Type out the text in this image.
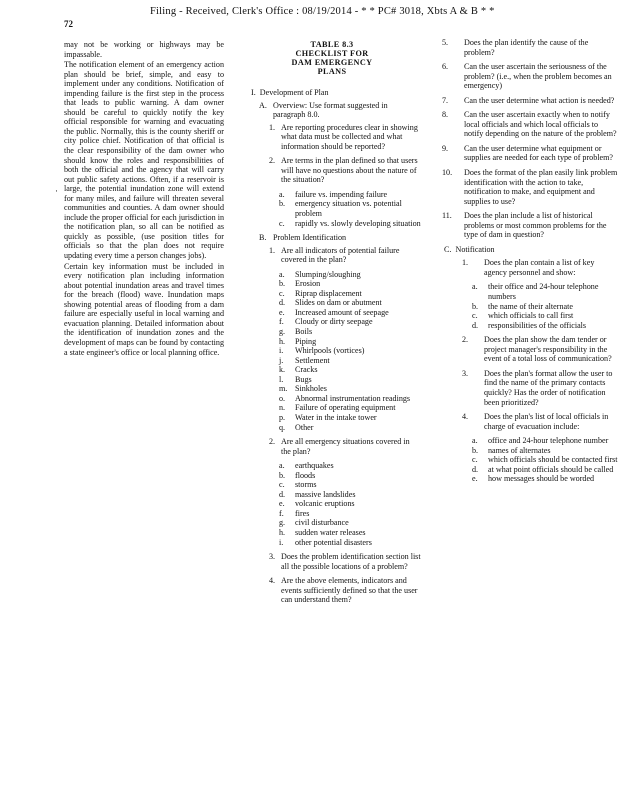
Filing - Received, Clerk's Office : 08/19/2014 - * * PC# 3018, Xbts A & B * *
72
·

may not be working or highways may be impassable.

The notification element of an emergency action plan should be brief, simple, and easy to implement under any conditions. Notification of impending failure is the first step in the process that leads to public warning. A dam owner should be careful to quickly notify the key official responsible for warning and evacuating the public. Normally, this is the county sheriff or city police chief. Notification of that official is the clear responsibility of the dam owner who should know the roles and responsibilities of both the official and the agency that will carry out public safety actions. Often, if a reservoir is large, the potential inundation zone will extend for many miles, and failure will threaten several communities and counties. A dam owner should include the proper official for each jurisdiction in the notification plan, so all can be notified as quickly as possible, (use position titles for officials so that the plan does not require updating every time a person changes jobs).

Certain key information must be included in every notification plan including information about potential inundation areas and travel times for the breach (flood) wave. Inundation maps showing potential areas of flooding from a dam failure are especially useful in local warning and evacuation planning. Detailed information about the identification of inundation zones and the development of maps can be found by contacting a state engineer's office or local planning office.

TABLE 8.3
CHECKLIST FOR
DAM EMERGENCY
PLANS
I. Development of Plan
A. Overview: Use format suggested in paragraph 8.0.
1. Are reporting procedures clear in showing what data must be collected and what information should be reported?
2. Are terms in the plan defined so that users will have no questions about the nature of the situation?
a.	failure vs. impending failure
b.	emergency situation vs. potential problem
c.	rapidly vs. slowly developing situation
B. Problem Identification
1. Are all indicators of potential failure covered in the plan?
a.	Slumping/sloughing
b.	Erosion
c.	Riprap displacement
d.	Slides on dam or abutment
e.	Increased amount of seepage
f.	Cloudy or dirty seepage
g.	Boils
h.	Piping
i.	Whirlpools (vortices)
j.	Settlement
k.	Cracks
l.	Bugs
m. Sinkholes
o.	Abnormal instrumentation readings
n.	Failure of operating equipment
p.	Water in the intake tower
q.	Other
2. Are all emergency situations covered in the plan?
a.	earthquakes
b.	floods
c.	storms
d.	massive landslides
e.	volcanic eruptions
f.	fires
g.	civil disturbance
h.	sudden water releases
i.	other potential disasters
3. Does the problem identification section list all the possible locations of a problem?
4. Are the above elements, indicators and events sufficiently defined so that the user can understand them?
5.	Does the plan identify the cause of the problem?
6.	Can the user ascertain the seriousness of the problem? (i.e., when the problem becomes an emergency)
7.	Can the user determine what action is needed?
8.	Can the user ascertain exactly when to notify local officials and which local officials to notify depending on the nature of the problem?
9.	Can the user determine what equipment or supplies are needed for each type of problem?
10.	Does the format of the plan easily link problem identification with the action to take, notification to make, and equipment and supplies to use?
11.	Does the plan include a list of historical problems or most common problems for the type of dam in question?
C. Notification
1.	Does the plan contain a list of key agency personnel and show:
a.	their office and 24-hour telephone numbers
b.	the name of their alternate
c.	which officials to call first
d.	responsibilities of the officials
2.	Does the plan show the dam tender or project manager's responsibility in the event of a total loss of communication?
3.	Does the plan's format allow the user to find the name of the primary contacts quickly? Has the order of notification been prioritized?
4.	Does the plan's list of local officials in charge of evacuation include:
a.	office and 24-hour telephone number
b.	names of alternates
c.	which officials should be contacted first
d.	at what point officials should be called
e.	how messages should be worded
